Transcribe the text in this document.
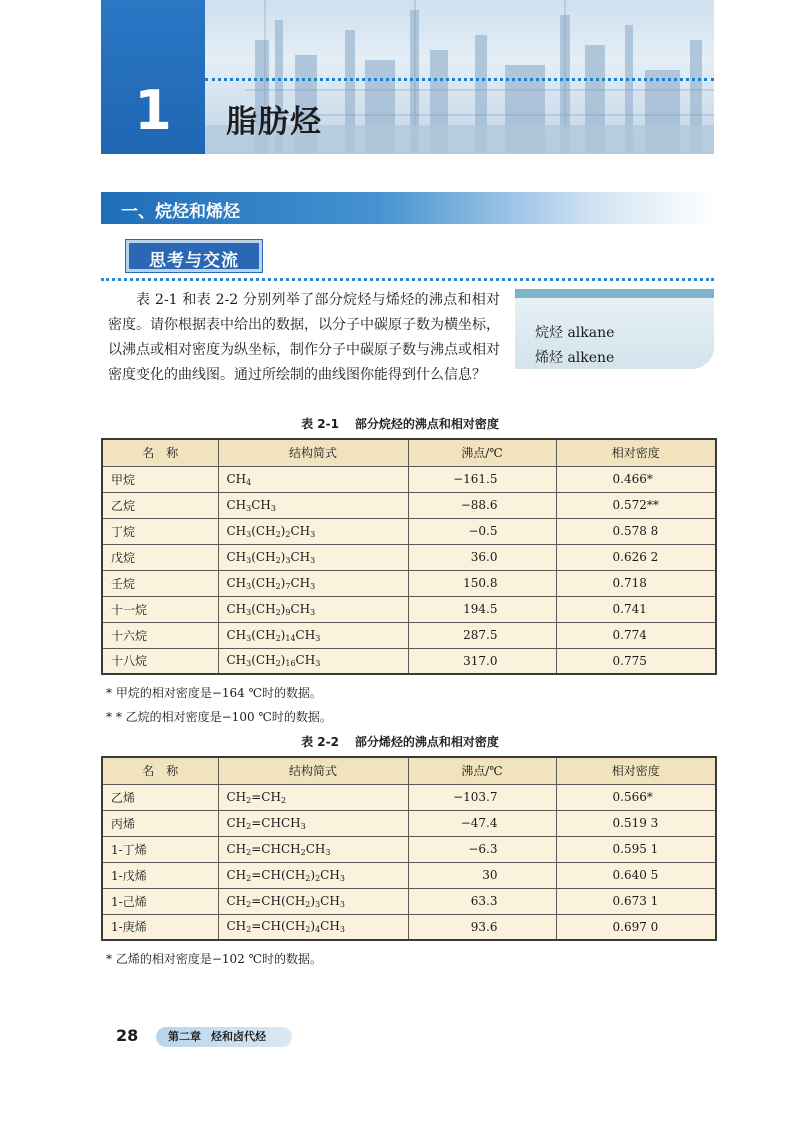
1	脂肪烃
一、烷烃和烯烃
思考与交流

表 2-1 和表 2-2 分别列举了部分烷烃与烯烃的沸点和相对密度。请你根据表中给出的数据，以分子中碳原子数为横坐标，以沸点或相对密度为纵坐标，制作分子中碳原子数与沸点或相对密度变化的曲线图。通过所绘制的曲线图你能得到什么信息？

烷烃 alkane
烯烃 alkene
表 2-1 部分烷烃的沸点和相对密度
名　称	结构简式	沸点/℃	相对密度
甲烷	$CH_4$	−161.5	0.466*
乙烷	$CH_3CH_3$	−88.6	0.572**
丁烷	$CH_3(CH_2)_2CH_3$	−0.5	0.578 8
戊烷	$CH_3(CH_2)_3CH_3$	36.0	0.626 2
壬烷	$CH_3(CH_2)_7CH_3$	150.8	0.718
十一烷	$CH_3(CH_2)_9CH_3$	194.5	0.741
十六烷	$CH_3(CH_2)_{14}CH_3$	287.5	0.774
十八烷	$CH_3(CH_2)_{16}CH_3$	317.0	0.775
* 甲烷的相对密度是−164 ℃时的数据。
* * 乙烷的相对密度是−100 ℃时的数据。
表 2-2 部分烯烃的沸点和相对密度
名　称	结构简式	沸点/℃	相对密度
乙烯	$CH_2=CH_2$	−103.7	0.566*
丙烯	$CH_2=CHCH_3$	−47.4	0.519 3
1-丁烯	$CH_2=CHCH_2CH_3$	−6.3	0.595 1
1-戊烯	$CH_2=CH(CH_2)_2CH_3$	30	0.640 5
1-己烯	$CH_2=CH(CH_2)_3CH_3$	63.3	0.673 1
1-庚烯	$CH_2=CH(CH_2)_4CH_3$	93.6	0.697 0
* 乙烯的相对密度是−102 ℃时的数据。
28	第二章 烃和卤代烃
